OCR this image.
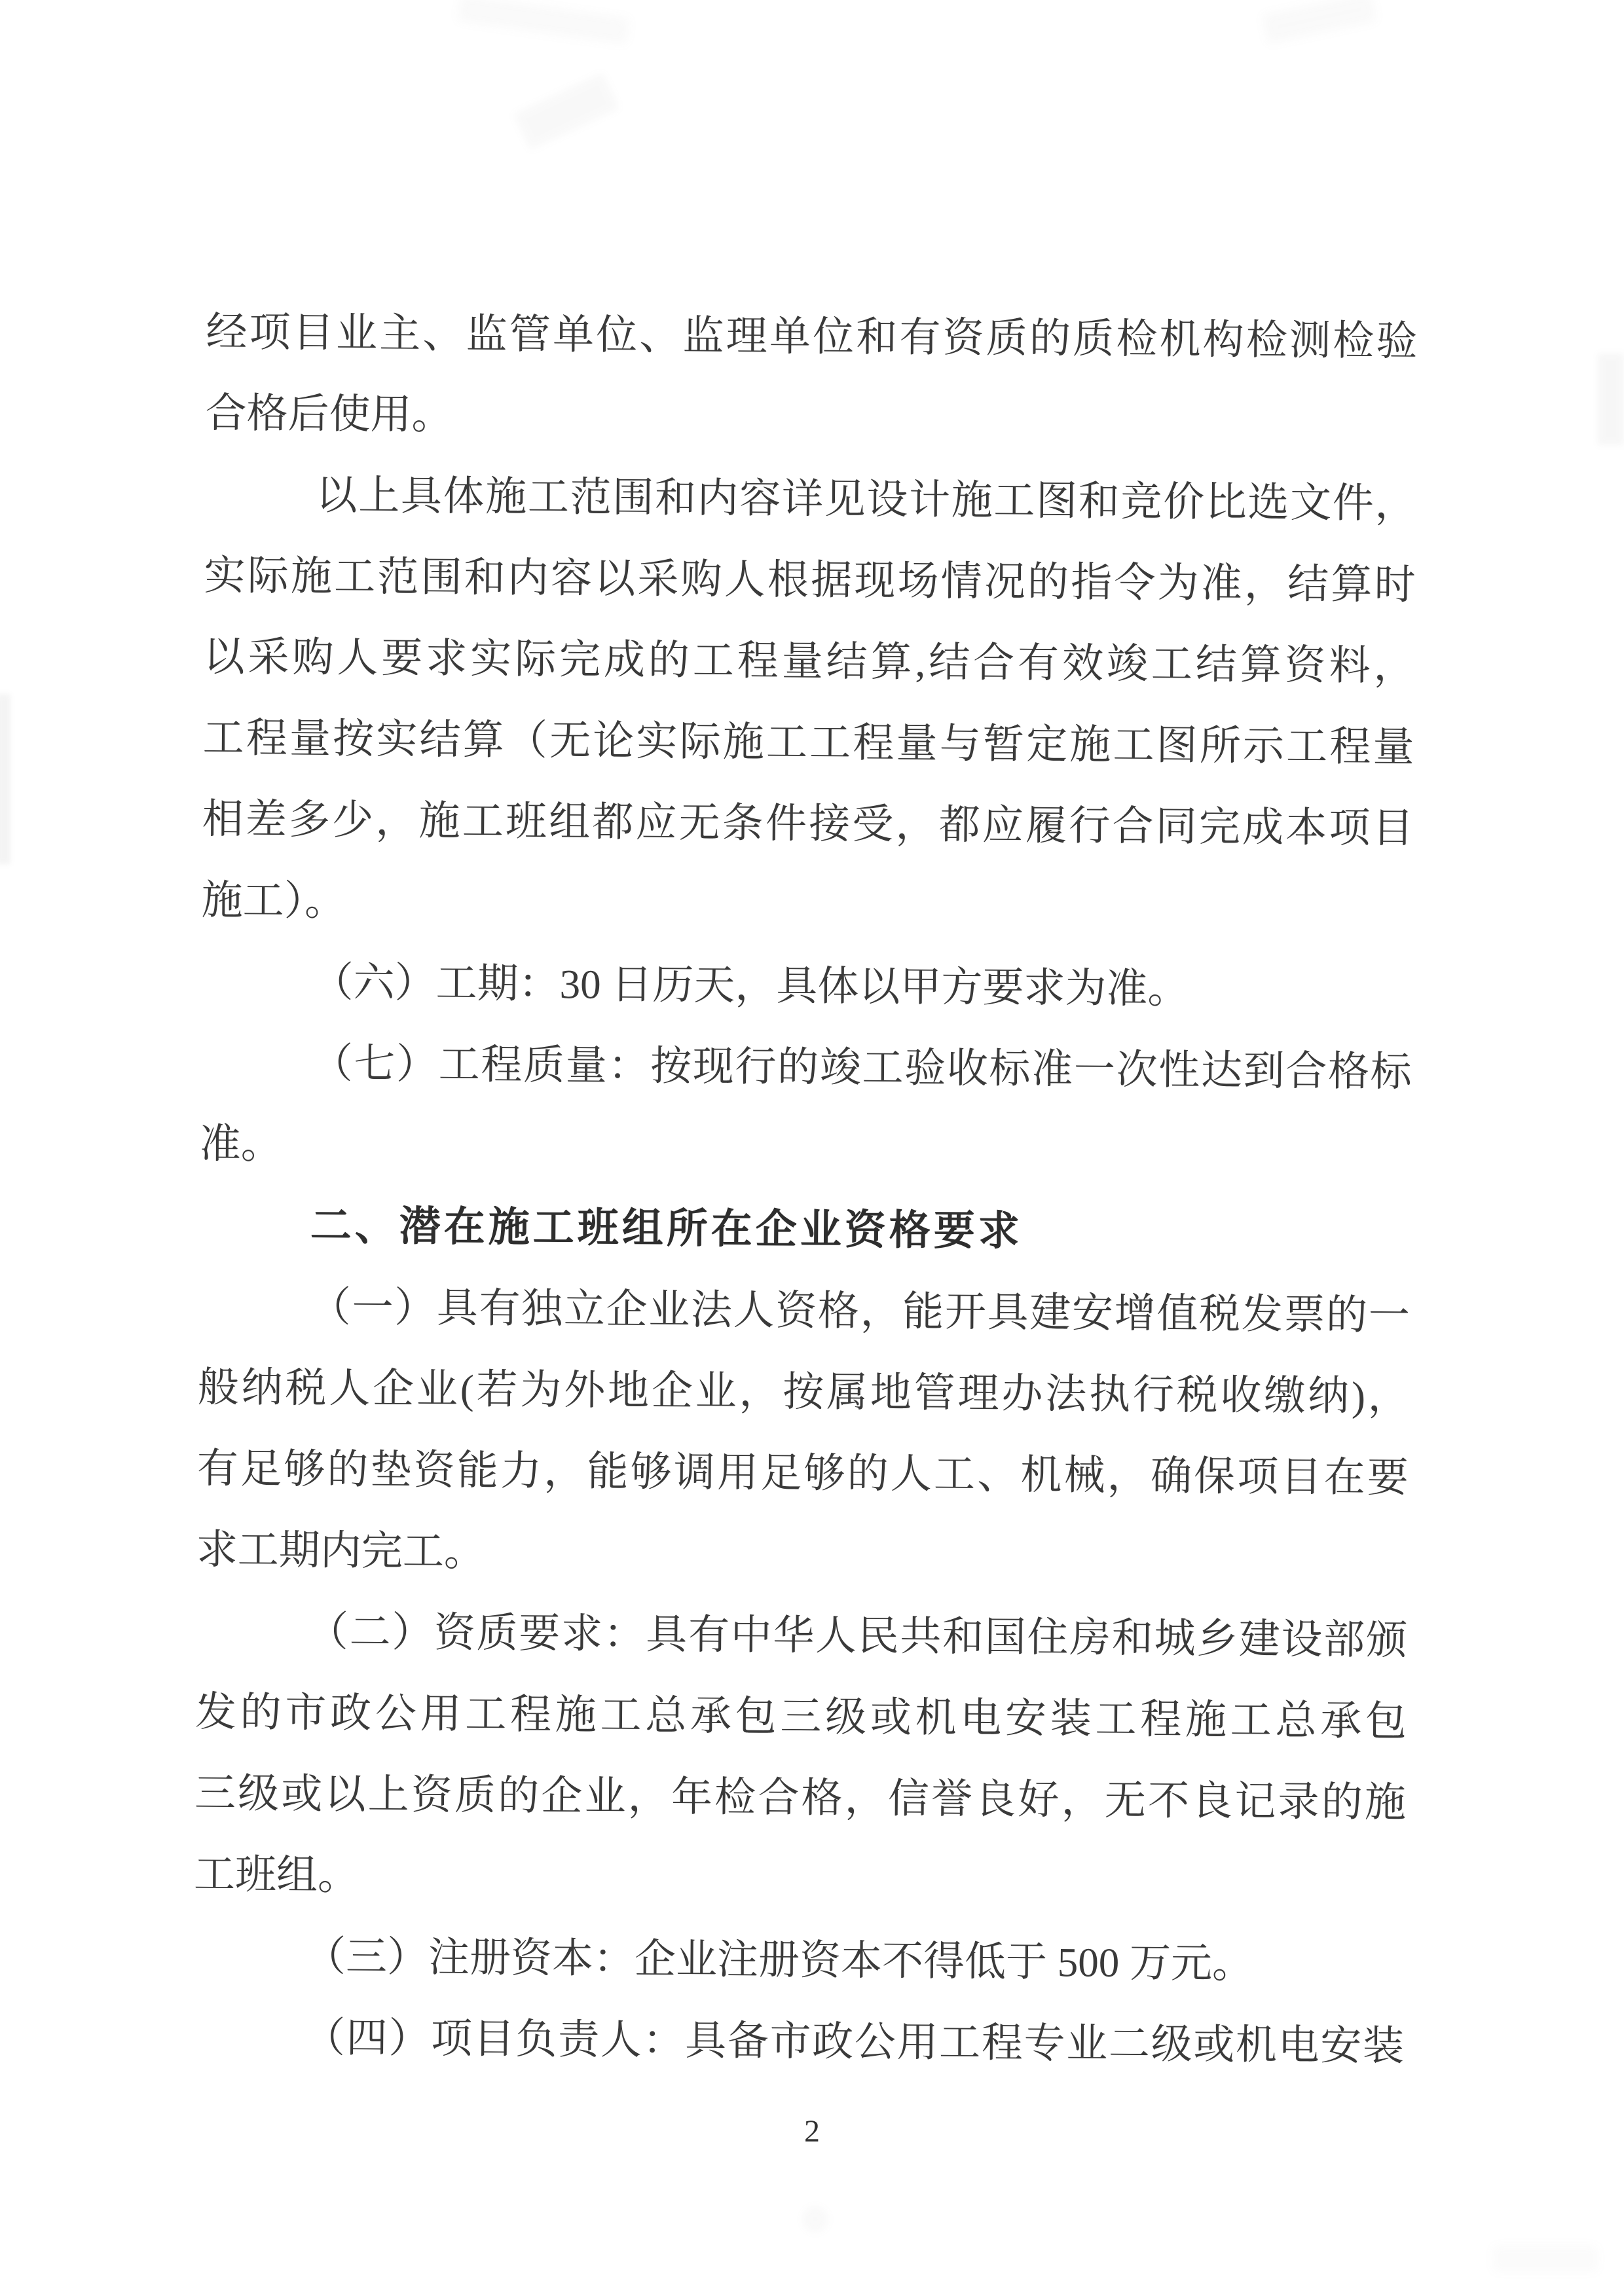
经项目业主、监管单位、监理单位和有资质的质检机构检测检验
合格后使用。
以上具体施工范围和内容详见设计施工图和竞价比选文件，
实际施工范围和内容以采购人根据现场情况的指令为准，结算时
以采购人要求实际完成的工程量结算,结合有效竣工结算资料，
工程量按实结算（无论实际施工工程量与暂定施工图所示工程量
相差多少，施工班组都应无条件接受，都应履行合同完成本项目
施工）。
（六）工期：30 日历天，具体以甲方要求为准。
（七）工程质量：按现行的竣工验收标准一次性达到合格标
准。
二、潜在施工班组所在企业资格要求
（一）具有独立企业法人资格，能开具建安增值税发票的一
般纳税人企业(若为外地企业，按属地管理办法执行税收缴纳)，
有足够的垫资能力，能够调用足够的人工、机械，确保项目在要
求工期内完工。
（二）资质要求：具有中华人民共和国住房和城乡建设部颁
发的市政公用工程施工总承包三级或机电安装工程施工总承包
三级或以上资质的企业，年检合格，信誉良好，无不良记录的施
工班组。
（三）注册资本：企业注册资本不得低于 500 万元。
（四）项目负责人：具备市政公用工程专业二级或机电安装
2
